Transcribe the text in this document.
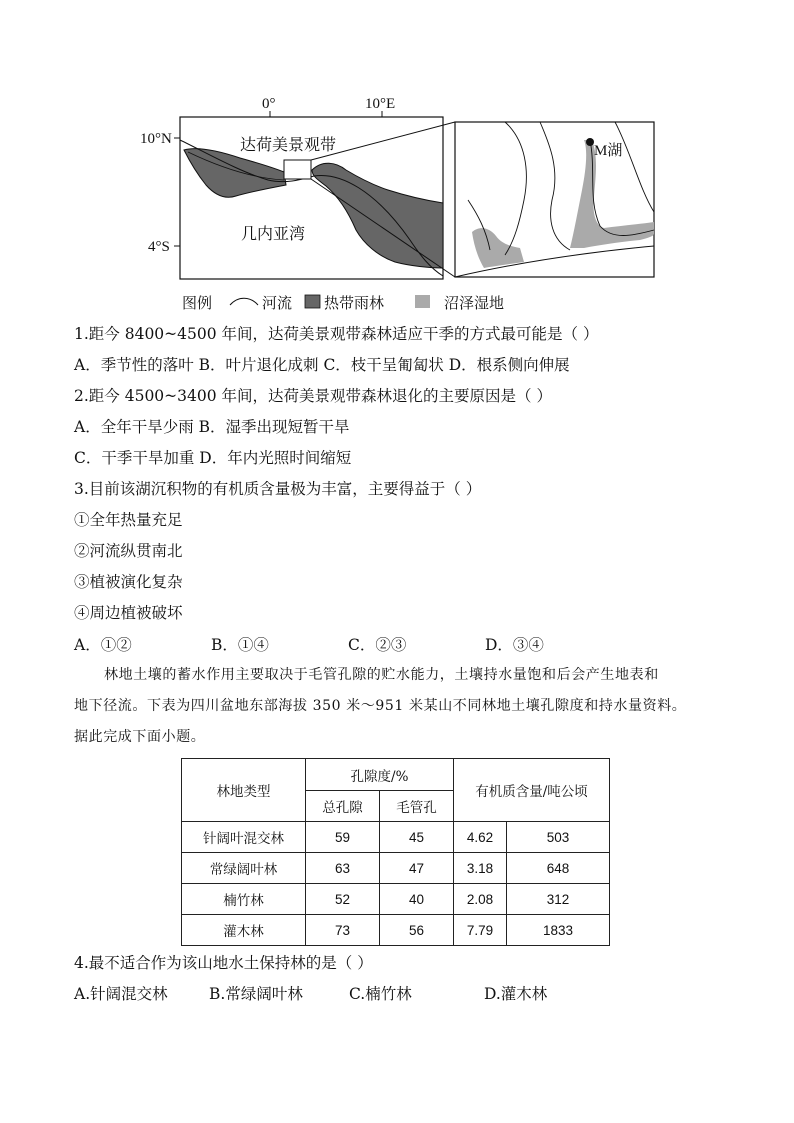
0°	10°E
10°N
4°S
达荷美景观带
几内亚湾
M湖
图例	河流 热带雨林	沼泽湿地
1.距今 8400~4500 年间，达荷美景观带森林适应干季的方式最可能是（ ）
A．季节性的落叶 B．叶片退化成刺 C．枝干呈匍匐状 D．根系侧向伸展
2.距今 4500~3400 年间，达荷美景观带森林退化的主要原因是（ ）
A．全年干旱少雨 B．湿季出现短暂干旱
C．干季干旱加重 D．年内光照时间缩短
3.目前该湖沉积物的有机质含量极为丰富，主要得益于（ ）
①全年热量充足
②河流纵贯南北
③植被演化复杂
④周边植被破坏
A．①②	B．①④	C．②③	D．③④
林地土壤的蓄水作用主要取决于毛管孔隙的贮水能力，土壤持水量饱和后会产生地表和
地下径流。下表为四川盆地东部海拔 350 米～951 米某山不同林地土壤孔隙度和持水量资料。
据此完成下面小题。
林地类型	孔隙度/%		有机质含量/吨公顷	
	总孔隙	毛管孔		
针阔叶混交林	59	45	4.62	503
常绿阔叶林	63	47	3.18	648
楠竹林	52	40	2.08	312
灌木林	73	56	7.79	1833
4.最不适合作为该山地水土保持林的是（ ）
A.针阔混交林	B.常绿阔叶林	C.楠竹林	D.灌木林
